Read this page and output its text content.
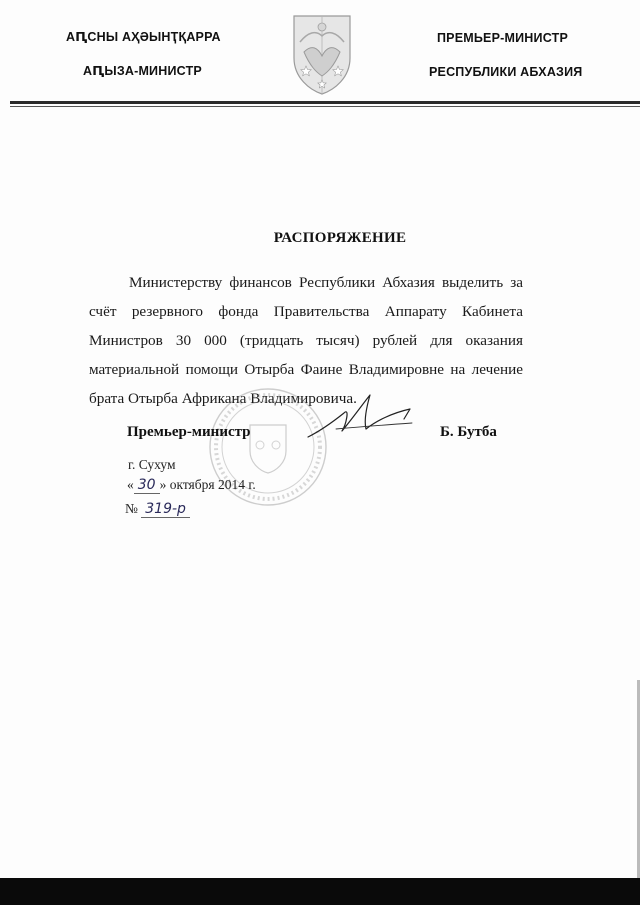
АԤСНЫ АҲӘЫНҬҚАРРА
АԤЫЗА-МИНИСТР
ПРЕМЬЕР-МИНИСТР
РЕСПУБЛИКИ АБХАЗИЯ
РАСПОРЯЖЕНИЕ
Министерству финансов Республики Абхазия выделить за счёт резервного фонда Правительства Аппарату Кабинета Министров 30 000 (тридцать тысяч) рублей для оказания материальной помощи Отырба Фаине Владимировне на лечение брата Отырба Африкана Владимировича.
Премьер-министр	Б. Бутба
г. Сухум
« 30 » октября 2014 г.
№ 319-р
